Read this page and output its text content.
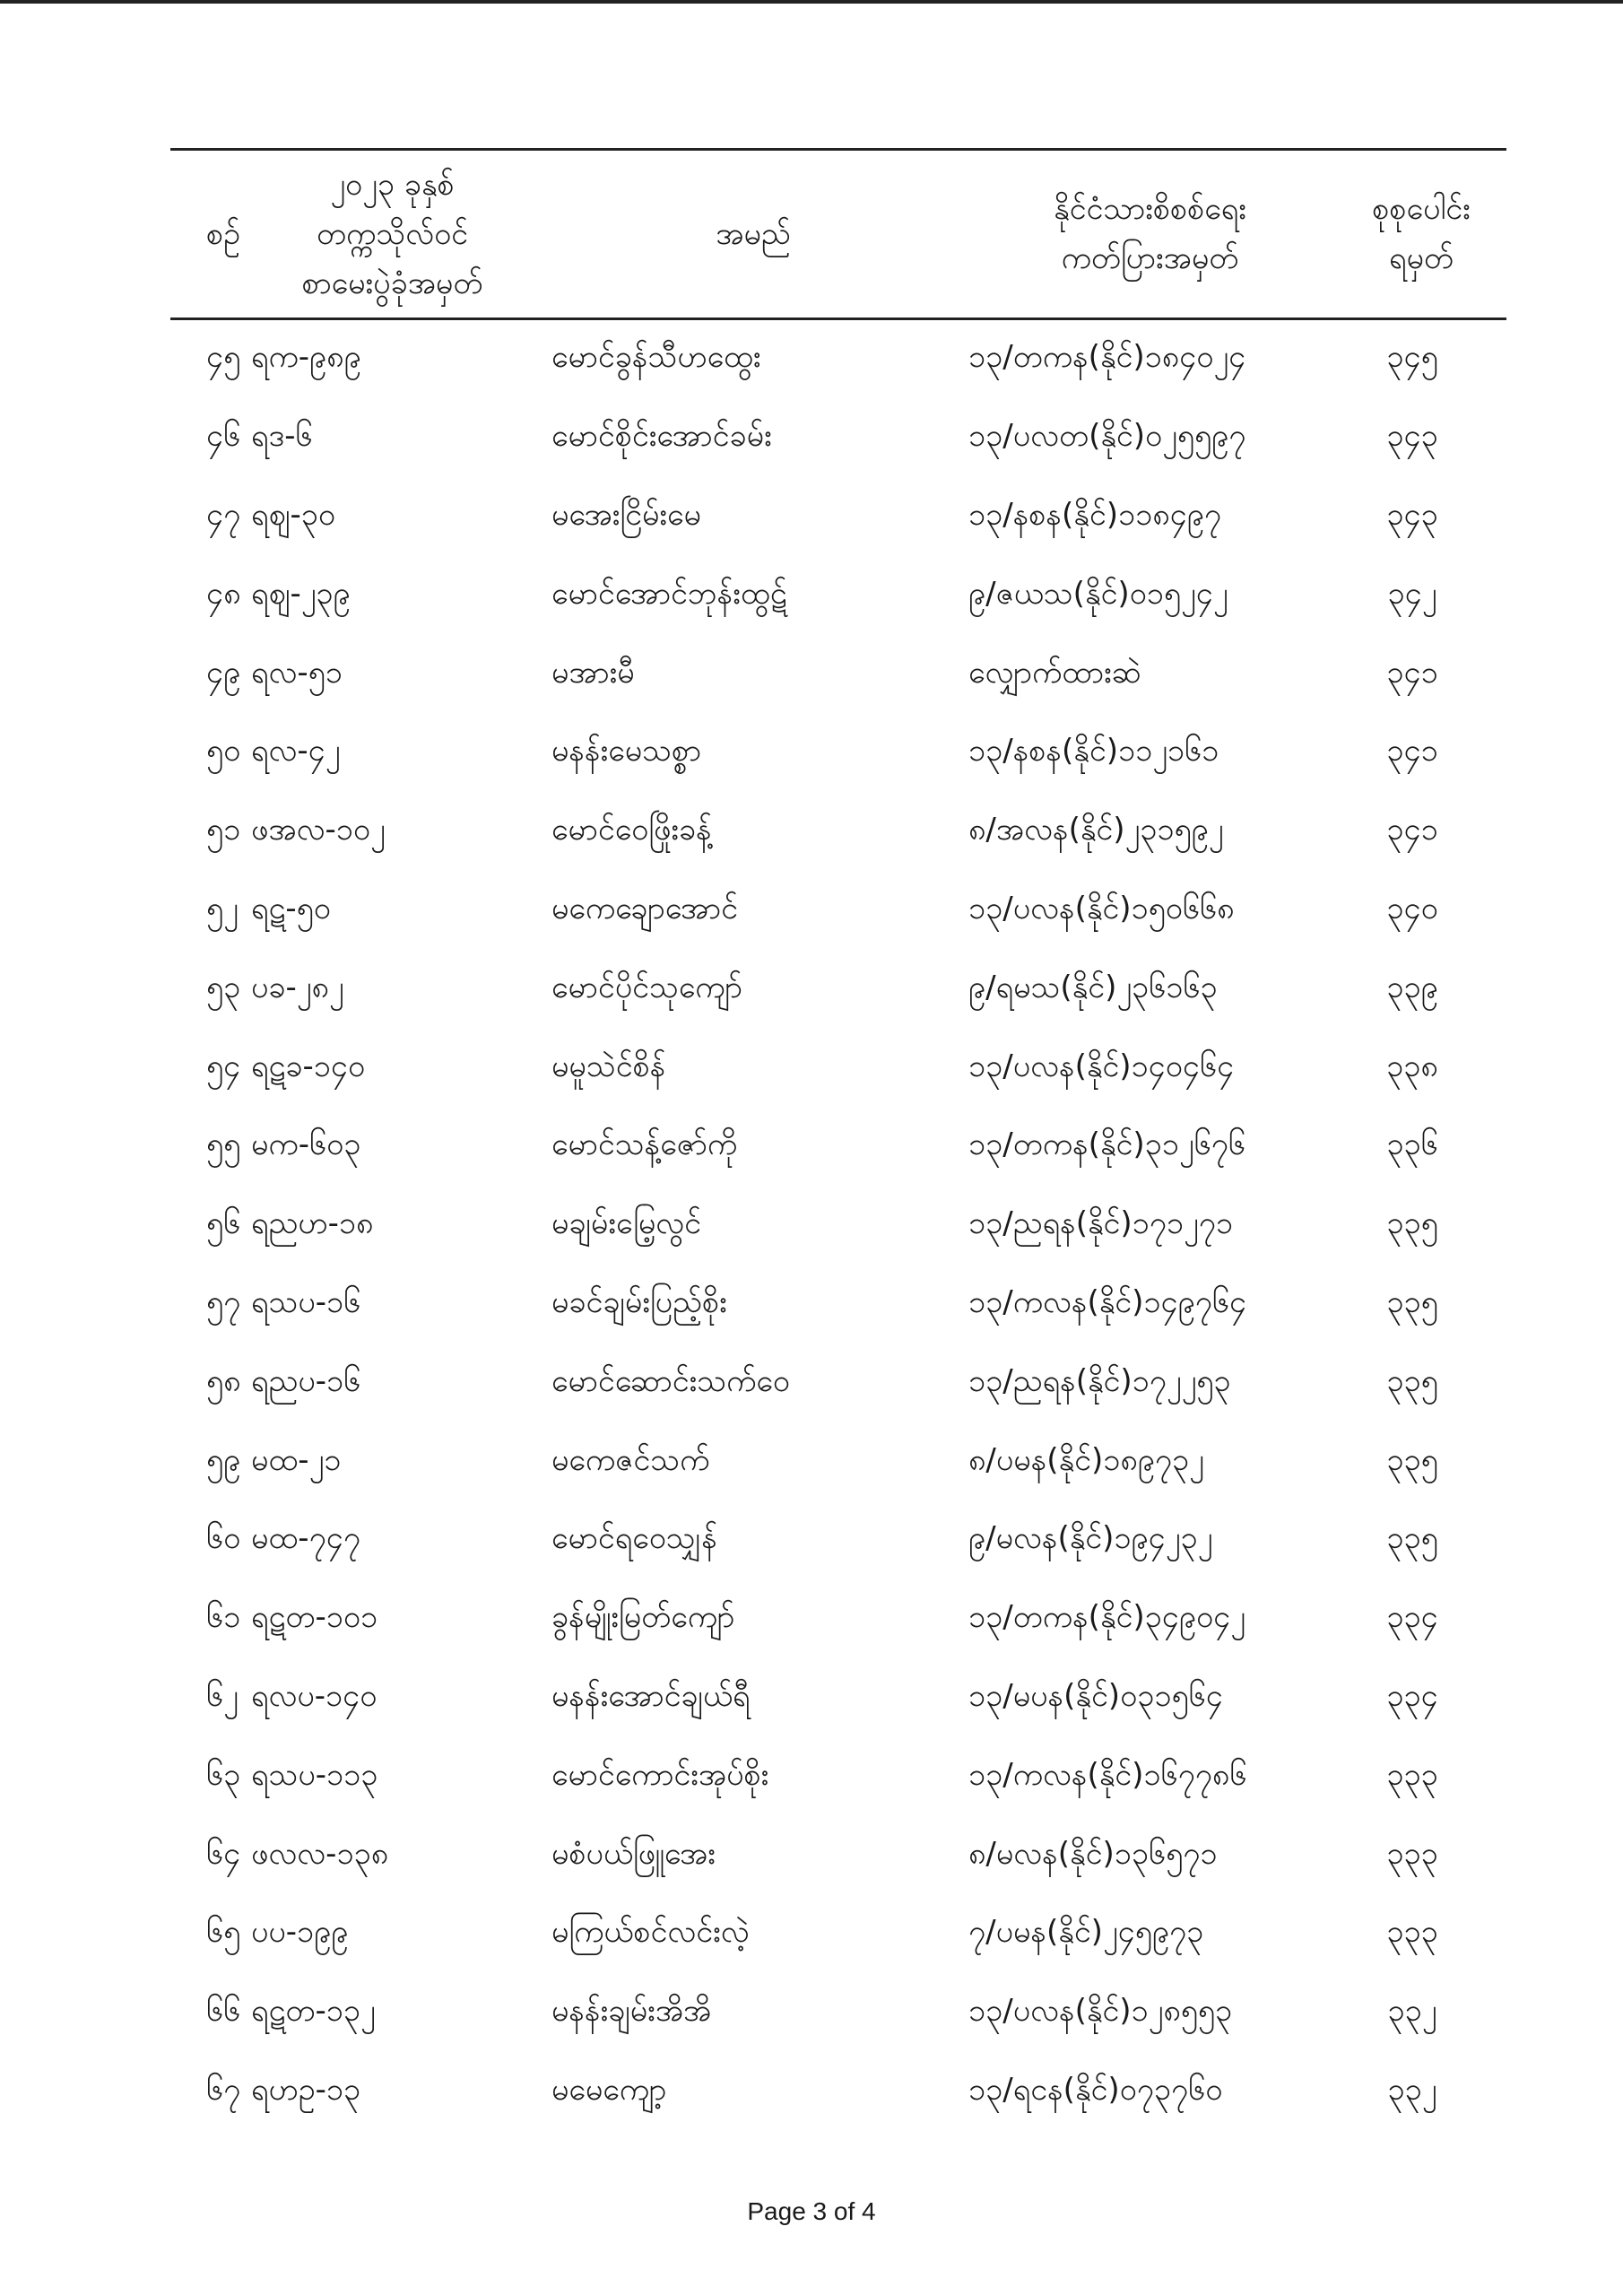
စဉ်	၂၀၂၃ ခုနှစ်
တက္ကသိုလ်ဝင်
စာမေးပွဲခုံအမှတ်	အမည်	နိုင်ငံသားစိစစ်ရေး
ကတ်ပြားအမှတ်	စုစုပေါင်း
ရမှတ်

၄၅	ရက-၉၈၉	မောင်ခွန်သီဟထွေး	၁၃/တကန(နိုင်)၁၈၄၀၂၄	၃၄၅
၄၆	ရဒ-၆	မောင်စိုင်းအောင်ခမ်း	၁၃/ပလတ(နိုင်)၀၂၅၅၉၇	၃၄၃
၄၇	ရဈ-၃၀	မအေးငြိမ်းမေ	၁၃/နစန(နိုင်)၁၁၈၄၉၇	၃၄၃
၄၈	ရဈ-၂၃၉	မောင်အောင်ဘုန်းထွဋ်	၉/ဇယသ(နိုင်)၀၁၅၂၄၂	၃၄၂
၄၉	ရလ-၅၁	မအားမီ	လျှောက်ထားဆဲ	၃၄၁
၅၀	ရလ-၄၂	မနန်းမေသစ္စာ	၁၃/နစန(နိုင်)၁၁၂၁၆၁	၃၄၁
၅၁	ဖအလ-၁၀၂	မောင်ဝေဖြိုးခန့်	၈/အလန(နိုင်)၂၃၁၅၉၂	၃၄၁
၅၂	ရဋ-၅၀	မကေချောအောင်	၁၃/ပလန(နိုင်)၁၅၀၆၆၈	၃၄၀
၅၃	ပခ-၂၈၂	မောင်ပိုင်သုကျော်	၉/ရမသ(နိုင်)၂၃၆၁၆၃	၃၃၉
၅၄	ရဋခ-၁၄၀	မမူသဲင်စိန်	၁၃/ပလန(နိုင်)၁၄၀၄၆၄	၃၃၈
၅၅	မက-၆၀၃	မောင်သန့်ဇော်ကို	၁၃/တကန(နိုင်)၃၁၂၆၇၆	၃၃၆
၅၆	ရညဟ-၁၈	မချမ်းမြေ့လွင်	၁၃/ညရန(နိုင်)၁၇၁၂၇၁	၃၃၅
၅၇	ရသပ-၁၆	မခင်ချမ်းပြည့်စိုး	၁၃/ကလန(နိုင်)၁၄၉၇၆၄	၃၃၅
၅၈	ရညပ-၁၆	မောင်ဆောင်းသက်ဝေ	၁၃/ညရန(နိုင်)၁၇၂၂၅၃	၃၃၅
၅၉	မထ-၂၁	မကေဇင်သက်	၈/ပမန(နိုင်)၁၈၉၇၃၂	၃၃၅
၆၀	မထ-၇၄၇	မောင်ရဝေသျှန်	၉/မလန(နိုင်)၁၉၄၂၃၂	၃၃၅
၆၁	ရဋတ-၁၀၁	ခွန်မျိုးမြတ်ကျော်	၁၃/တကန(နိုင်)၃၄၉၀၄၂	၃၃၄
၆၂	ရလပ-၁၄၀	မနန်းအောင်ချယ်ရီ	၁၃/မပန(နိုင်)၀၃၁၅၆၄	၃၃၄
၆၃	ရသပ-၁၁၃	မောင်ကောင်းအုပ်စိုး	၁၃/ကလန(နိုင်)၁၆၇၇၈၆	၃၃၃
၆၄	ဖလလ-၁၃၈	မစံပယ်ဖြူအေး	၈/မလန(နိုင်)၁၃၆၅၇၁	၃၃၃
၆၅	ပပ-၁၉၉	မကြယ်စင်လင်းလဲ့	၇/ပမန(နိုင်)၂၄၅၉၇၃	၃၃၃
၆၆	ရဋတ-၁၃၂	မနန်းချမ်းအိအိ	၁၃/ပလန(နိုင်)၁၂၈၅၅၃	၃၃၂
၆၇	ရဟဥ-၁၃	မမေကျော့	၁၃/ရငန(နိုင်)၀၇၃၇၆၀	၃၃၂
Page 3 of 4
